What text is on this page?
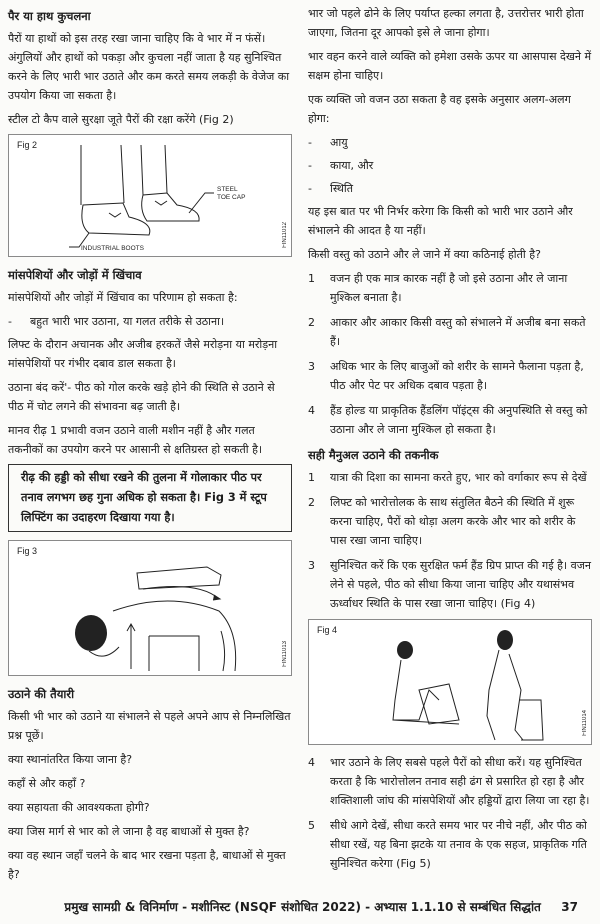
पैर या हाथ कुचलना

पैरों या हाथों को इस तरह रखा जाना चाहिए कि वे भार में न फंसें। अंगुलियों और हाथों को पकड़ा और कुचला नहीं जाता है यह सुनिश्चित करने के लिए भारी भार उठाते और कम करते समय लकड़ी के वेजेज का उपयोग किया जा सकता है।

स्टील टो कैप वाले सुरक्षा जूते पैरों की रक्षा करेंगे (Fig 2)

STEEL
TOE CAP
INDUSTRIAL BOOTS
Fig 2
FIN11012
मांसपेशियों और जोड़ों में खिंचाव

मांसपेशियों और जोड़ों में खिंचाव का परिणाम हो सकता है:

-	बहुत भारी भार उठाना, या गलत तरीके से उठाना।

लिफ्ट के दौरान अचानक और अजीब हरकतें जैसे मरोड़ना या मरोड़ना मांसपेशियों पर गंभीर दबाव डाल सकता है।

उठाना बंद करें'- पीठ को गोल करके खड़े होने की स्थिति से उठाने से पीठ में चोट लगने की संभावना बढ़ जाती है।

मानव रीढ़ 1 प्रभावी वजन उठाने वाली मशीन नहीं है और गलत तकनीकों का उपयोग करने पर आसानी से क्षतिग्रस्त हो सकती है।

रीढ़ की हड्डी को सीधा रखने की तुलना में गोलाकार पीठ पर तनाव लगभग छह गुना अधिक हो सकता है। Fig 3 में स्टूप लिफ्टिंग का उदाहरण दिखाया गया है।
Fig 3
FIN11013
उठाने की तैयारी

किसी भी भार को उठाने या संभालने से पहले अपने आप से निम्नलिखित प्रश्न पूछें।

क्या स्थानांतरित किया जाना है?

कहाँ से और कहाँ ?

क्या सहायता की आवश्यकता होगी?

क्या जिस मार्ग से भार को ले जाना है वह बाधाओं से मुक्त है?

क्या वह स्थान जहाँ चलने के बाद भार रखना पड़ता है, बाधाओं से मुक्त है?

भार जो पहले ढोने के लिए पर्याप्त हल्का लगता है, उत्तरोत्तर भारी होता जाएगा, जितना दूर आपको इसे ले जाना होगा।

भार वहन करने वाले व्यक्ति को हमेशा उसके ऊपर या आसपास देखने में सक्षम होना चाहिए।

एक व्यक्ति जो वजन उठा सकता है वह इसके अनुसार अलग-अलग होगा:

-	आयु
-	काया, और
-	स्थिति

यह इस बात पर भी निर्भर करेगा कि किसी को भारी भार उठाने और संभालने की आदत है या नहीं।

किसी वस्तु को उठाने और ले जाने में क्या कठिनाई होती है?

1	वजन ही एक मात्र कारक नहीं है जो इसे उठाना और ले जाना मुश्किल बनाता है।
2	आकार और आकार किसी वस्तु को संभालने में अजीब बना सकते हैं।
3	अधिक भार के लिए बाजुओं को शरीर के सामने फैलाना पड़ता है, पीठ और पेट पर अधिक दबाव पड़ता है।
4	हैंड होल्ड या प्राकृतिक हैंडलिंग पॉइंट्स की अनुपस्थिति से वस्तु को उठाना और ले जाना मुश्किल हो सकता है।
सही मैनुअल उठाने की तकनीक
1	यात्रा की दिशा का सामना करते हुए, भार को वर्गाकार रूप से देखें
2	लिफ्ट को भारोत्तोलक के साथ संतुलित बैठने की स्थिति में शुरू करना चाहिए, पैरों को थोड़ा अलग करके और भार को शरीर के पास रखा जाना चाहिए।
3	सुनिश्चित करें कि एक सुरक्षित फर्म हैंड ग्रिप प्राप्त की गई है। वजन लेने से पहले, पीठ को सीधा किया जाना चाहिए और यथासंभव ऊर्ध्वाधर स्थिति के पास रखा जाना चाहिए। (Fig 4)
Fig 4
FIN11014
4	भार उठाने के लिए सबसे पहले पैरों को सीधा करें। यह सुनिश्चित करता है कि भारोत्तोलन तनाव सही ढंग से प्रसारित हो रहा है और शक्तिशाली जांघ की मांसपेशियों और हड्डियों द्वारा लिया जा रहा है।
5	सीधे आगे देखें, सीधा करते समय भार पर नीचे नहीं, और पीठ को सीधा रखें, यह बिना झटके या तनाव के एक सहज, प्राकृतिक गति सुनिश्चित करेगा (Fig 5)
प्रमुख सामग्री & विनिर्माण - मशीनिस्ट (NSQF संशोधित 2022) - अभ्यास 1.1.10 से सम्बंधित सिद्धांत	37
